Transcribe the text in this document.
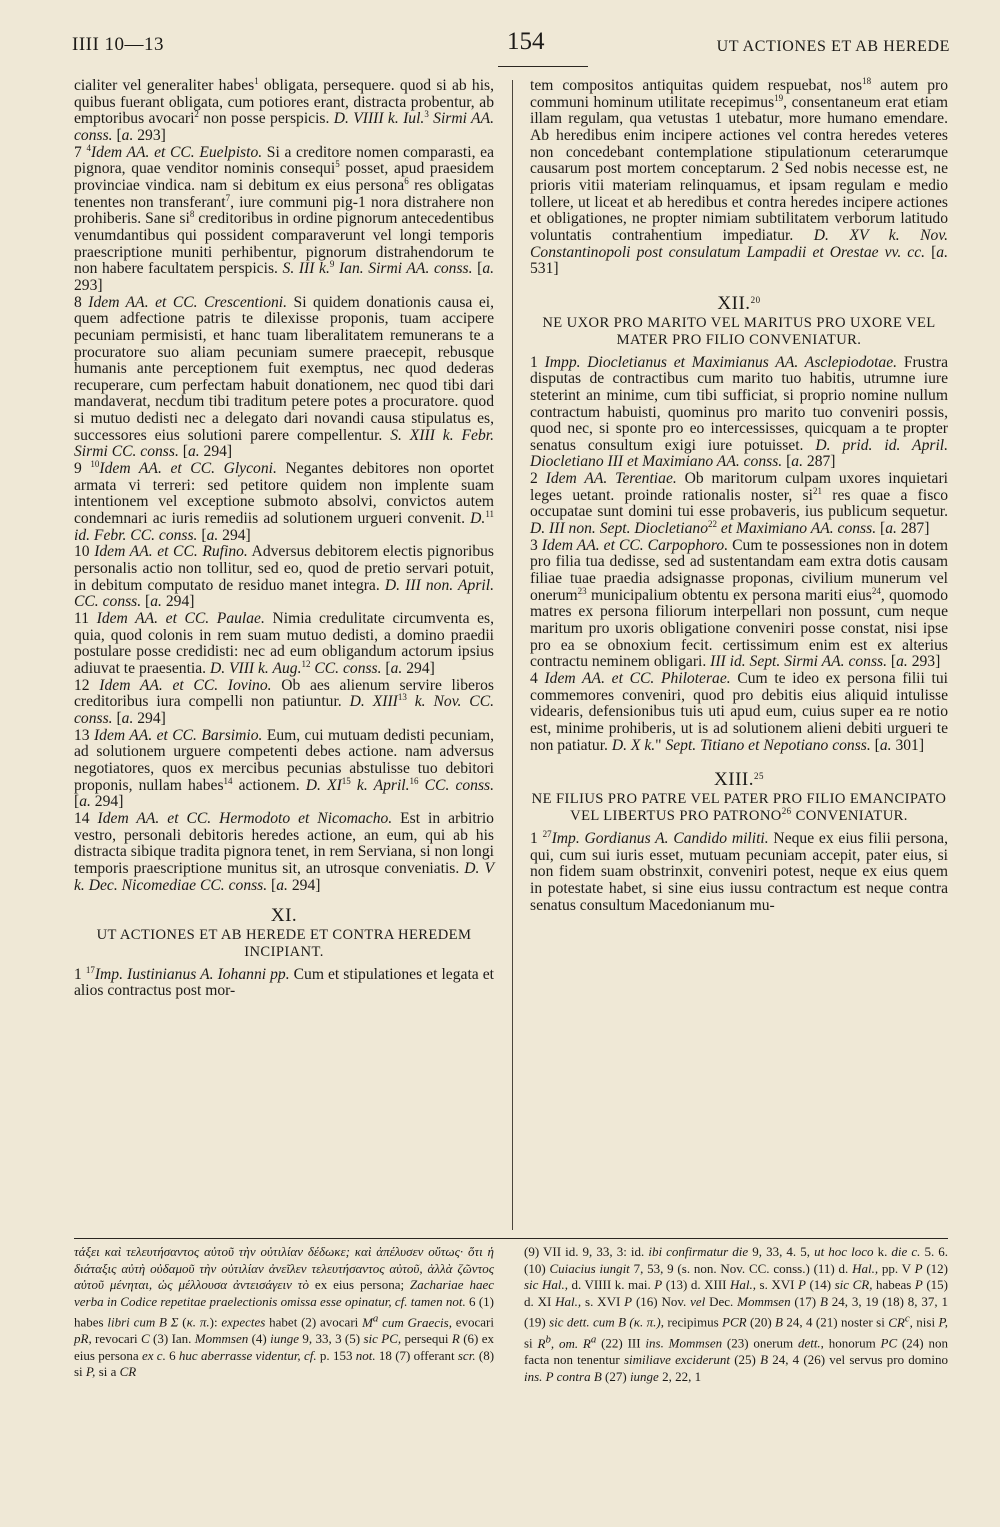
IIII 10—13	154	UT ACTIONES ET AB HEREDE

cialiter vel generaliter habes$^1$ obligata, persequere. quod si ab his, quibus fuerant obligata, cum potiores erant, distracta probentur, ab emptoribus avocari$^2$ non posse perspicis. D. VIIII k. Iul.$^3$ Sirmi AA. conss. [a. 293]

7 $^4$Idem AA. et CC. Euelpisto. Si a creditore nomen comparasti, ea pignora, quae venditor nominis consequi$^5$ posset, apud praesidem provinciae vindica. nam si debitum ex eius persona$^6$ res obligatas tenentes non transferant$^7$, iure communi pig-1 nora distrahere non prohiberis. Sane $si^8$ creditoribus in ordine pignorum antecedentibus venumdantibus qui possident comparaverunt vel longi temporis praescriptione muniti perhibentur, pignorum distrahendorum te non habere facultatem perspicis. S. III k.$^9$ Ian. Sirmi AA. conss. [a. 293]

8 Idem AA. et CC. Crescentioni. Si quidem donationis causa ei, quem adfectione patris te dilexisse proponis, tuam accipere pecuniam permisisti, et hanc tuam liberalitatem remunerans te a procuratore suo aliam pecuniam sumere praecepit, rebusque humanis ante perceptionem fuit exemptus, nec quod dederas recuperare, cum perfectam habuit donationem, nec quod tibi dari mandaverat, necdum tibi traditum petere potes a procuratore. quod si mutuo dedisti nec a delegato dari novandi causa stipulatus es, successores eius solutioni parere compellentur. S. XIII k. Febr. Sirmi CC. conss. [a. 294]

9 $^{10}$Idem AA. et CC. Glyconi. Negantes debitores non oportet armata vi terreri: sed petitore quidem non implente suam intentionem vel exceptione submoto absolvi, convictos autem condemnari ac iuris remediis ad solutionem urgueri convenit. D.$^{11}$ id. Febr. CC. conss. [a. 294]

10 Idem AA. et CC. Rufino. Adversus debitorem electis pignoribus personalis actio non tollitur, sed eo, quod de pretio servari potuit, in debitum computato de residuo manet integra. D. III non. April. CC. conss. [a. 294]

11 Idem AA. et CC. Paulae. Nimia credulitate circumventa es, quia, quod colonis in rem suam mutuo dedisti, a domino praedii postulare posse credidisti: nec ad eum obligandum actorum ipsius adiuvat te praesentia. D. VIII k. Aug.$^{12}$ CC. conss. [a. 294]

12 Idem AA. et CC. Iovino. Ob aes alienum servire liberos creditoribus iura compelli non patiuntur. D. XIII$^{13}$ k. Nov. CC. conss. [a. 294]

13 Idem AA. et CC. Barsimio. Eum, cui mutuam dedisti pecuniam, ad solutionem urguere competenti debes actione. nam adversus negotiatores, quos ex mercibus pecunias abstulisse tuo debitori proponis, nullam habes$^{14}$ actionem. D. XI$^{15}$ k. April.$^{16}$ CC. conss. [a. 294]

14 Idem AA. et CC. Hermodoto et Nicomacho. Est in arbitrio vestro, personali debitoris heredes actione, an eum, qui ab his distracta sibique tradita pignora tenet, in rem Serviana, si non longi temporis praescriptione munitus sit, an utrosque conveniatis. D. V k. Dec. Nicomediae CC. conss. [a. 294]

XI.
UT ACTIONES ET AB HEREDE ET CONTRA HEREDEM INCIPIANT.

1 $^{17}$Imp. Iustinianus A. Iohanni pp. Cum et stipulationes et legata et alios contractus post mor-

tem compositos antiquitas quidem respuebat, nos$^{18}$ autem pro communi hominum utilitate recepimus$^{19}$, consentaneum erat etiam illam regulam, qua vetustas 1 utebatur, more humano emendare. Ab heredibus enim incipere actiones vel contra heredes veteres non concedebant contemplatione stipulationum ceterarumque causarum post mortem conceptarum. 2 Sed nobis necesse est, ne prioris vitii materiam relinquamus, et ipsam regulam e medio tollere, ut liceat et ab heredibus et contra heredes incipere actiones et obligationes, ne propter nimiam subtilitatem verborum latitudo voluntatis contrahentium impediatur. D. XV k. Nov. Constantinopoli post consulatum Lampadii et Orestae vv. cc. [a. 531]

XII.$^{20}$
NE UXOR PRO MARITO VEL MARITUS PRO UXORE VEL MATER PRO FILIO CONVENIATUR.

1 Impp. Diocletianus et Maximianus AA. Asclepiodotae. Frustra disputas de contractibus cum marito tuo habitis, utrumne iure steterint an minime, cum tibi sufficiat, si proprio nomine nullum contractum habuisti, quominus pro marito tuo conveniri possis, quod nec, si sponte pro eo intercessisses, quicquam a te propter senatus consultum exigi iure potuisset. D. prid. id. April. Diocletiano III et Maximiano AA. conss. [a. 287]

2 Idem AA. Terentiae. Ob maritorum culpam uxores inquietari leges uetant. proinde rationalis noster, $si^{21}$ res quae a fisco occupatae sunt domini tui esse probaveris, ius publicum sequetur. D. III non. Sept. Diocletiano$^{22}$ et Maximiano AA. conss. [a. 287]

3 Idem AA. et CC. Carpophoro. Cum te possessiones non in dotem pro filia tua dedisse, sed ad sustentandam eam extra dotis causam filiae tuae praedia adsignasse proponas, civilium munerum vel onerum$^{23}$ municipalium obtentu ex persona mariti eius$^{24}$, quomodo matres ex persona filiorum interpellari non possunt, cum neque maritum pro uxoris obligatione conveniri posse constat, nisi ipse pro ea se obnoxium fecit. certissimum enim est ex alterius contractu neminem obligari. III id. Sept. Sirmi AA. conss. [a. 293]

4 Idem AA. et CC. Philoterae. Cum te ideo ex persona filii tui commemores conveniri, quod pro debitis eius aliquid intulisse videaris, defensionibus tuis uti apud eum, cuius super ea re notio est, minime prohiberis, ut is ad solutionem alieni debiti urgueri te non patiatur. D. X k." Sept. Titiano et Nepotiano conss. [a. 301]

XIII.$^{25}$
NE FILIUS PRO PATRE VEL PATER PRO FILIO EMANCIPATO VEL LIBERTUS PRO PATRONO$^{26}$ CONVENIATUR.

1 $^{27}$Imp. Gordianus A. Candido militi. Neque ex eius filii persona, qui, cum sui iuris esset, mutuam pecuniam accepit, pater eius, si non fidem suam obstrinxit, conveniri potest, neque ex eius quem in potestate habet, si sine eius iussu contractum est neque contra senatus consultum Macedonianum mu-

τάξει καὶ τελευτήσαντος αὐτοῦ τὴν οὐτιλίαν δέδωκε; καὶ ἀπέλυσεν οὕτως· ὅτι ἡ διάταξις αὐτὴ οὐδαμοῦ τὴν οὐτιλίαν ἀνεῖλεν τελευτήσαντος αὐτοῦ, ἀλλὰ ζῶντος αὐτοῦ μένηται, ὡς μέλλουσα ἀντεισάγειν τὸ ex eius persona; Zachariae haec verba in Codice repetitae praelectionis omissa esse opinatur, cf. tamen not. 6 (1) habes libri cum B Σ (κ. π.): expectes habet (2) avocari $M^a$ cum Graecis, evocari pR, revocari C (3) Ian. Mommsen (4) iunge 9, 33, 3 (5) sic PC, persequi R (6) ex eius persona ex c. 6 huc aberrasse videntur, cf. p. 153 not. 18 (7) offerant scr. (8) si P, si a CR
(9) VII id. 9, 33, 3: id. ibi confirmatur die 9, 33, 4. 5, ut hoc loco k. die c. 5. 6. (10) Cuiacius iungit 7, 53, 9 (s. non. Nov. CC. conss.) (11) d. Hal., pp. V P (12) sic Hal., d. VIIII k. mai. P (13) d. XIII Hal., s. XVI P (14) sic CR, habeas P (15) d. XI Hal., s. XVI P (16) Nov. vel Dec. Mommsen (17) B 24, 3, 19 (18) 8, 37, 1 (19) sic dett. cum B (κ. π.), recipimus PCR (20) B 24, 4 (21) noster si $CR^c$, nisi P, si $R^b$, om. $R^a$ (22) III ins. Mommsen (23) onerum dett., honorum PC (24) non facta non tenentur similiave exciderunt (25) B 24, 4 (26) vel servus pro domino ins. P contra B (27) iunge 2, 22, 1
